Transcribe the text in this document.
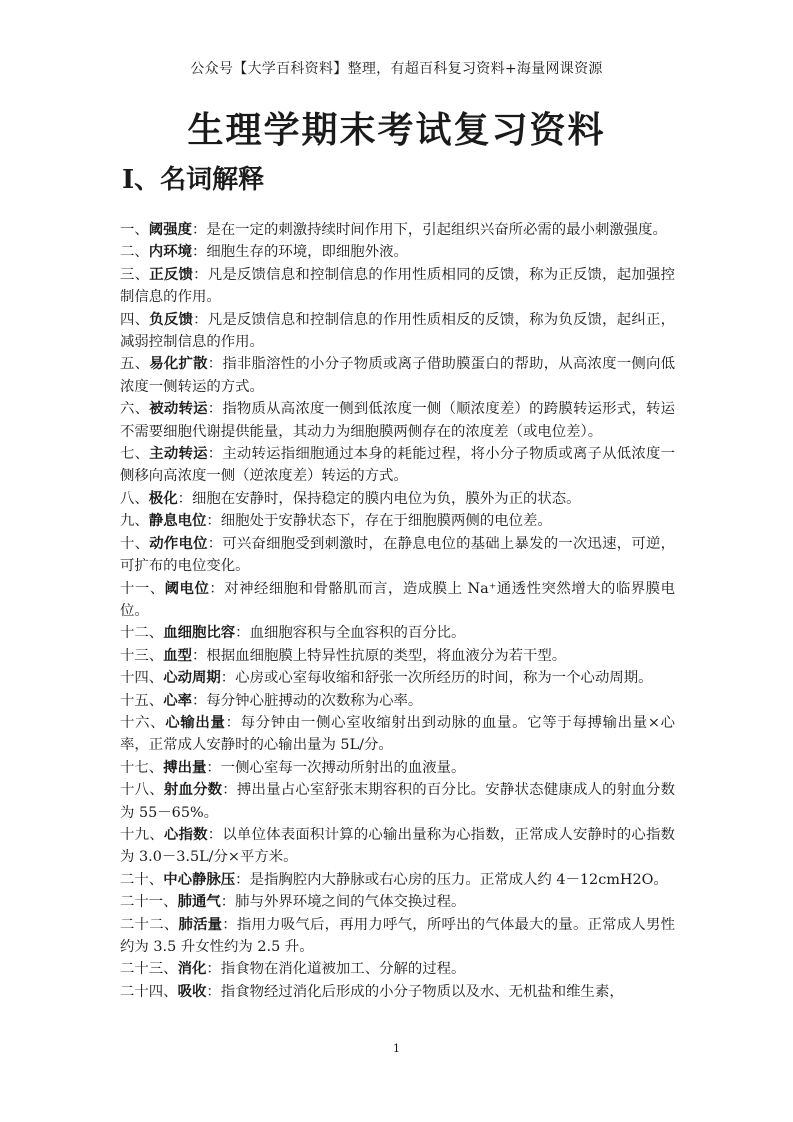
公众号【大学百科资料】整理，有超百科复习资料+海量网课资源
生理学期末考试复习资料
Ⅰ、名词解释
一、阈强度：是在一定的刺激持续时间作用下，引起组织兴奋所必需的最小刺激强度。
二、内环境：细胞生存的环境，即细胞外液。
三、正反馈：凡是反馈信息和控制信息的作用性质相同的反馈，称为正反馈，起加强控制信息的作用。
四、负反馈：凡是反馈信息和控制信息的作用性质相反的反馈，称为负反馈，起纠正，减弱控制信息的作用。
五、易化扩散：指非脂溶性的小分子物质或离子借助膜蛋白的帮助，从高浓度一侧向低浓度一侧转运的方式。
六、被动转运：指物质从高浓度一侧到低浓度一侧（顺浓度差）的跨膜转运形式，转运不需要细胞代谢提供能量，其动力为细胞膜两侧存在的浓度差（或电位差）。
七、主动转运：主动转运指细胞通过本身的耗能过程，将小分子物质或离子从低浓度一侧移向高浓度一侧（逆浓度差）转运的方式。
八、极化：细胞在安静时，保持稳定的膜内电位为负，膜外为正的状态。
九、静息电位：细胞处于安静状态下，存在于细胞膜两侧的电位差。
十、动作电位：可兴奋细胞受到刺激时，在静息电位的基础上暴发的一次迅速，可逆，可扩布的电位变化。
十一、阈电位：对神经细胞和骨骼肌而言，造成膜上 Na⁺通透性突然增大的临界膜电位。
十二、血细胞比容：血细胞容积与全血容积的百分比。
十三、血型：根据血细胞膜上特异性抗原的类型，将血液分为若干型。
十四、心动周期：心房或心室每收缩和舒张一次所经历的时间，称为一个心动周期。
十五、心率：每分钟心脏搏动的次数称为心率。
十六、心输出量：每分钟由一侧心室收缩射出到动脉的血量。它等于每搏输出量×心率，正常成人安静时的心输出量为 5L/分。
十七、搏出量：一侧心室每一次搏动所射出的血液量。
十八、射血分数：搏出量占心室舒张末期容积的百分比。安静状态健康成人的射血分数为 55－65%。
十九、心指数：以单位体表面积计算的心输出量称为心指数，正常成人安静时的心指数为 3.0－3.5L/分×平方米。
二十、中心静脉压：是指胸腔内大静脉或右心房的压力。正常成人约 4－12cmH2O。
二十一、肺通气：肺与外界环境之间的气体交换过程。
二十二、肺活量：指用力吸气后，再用力呼气，所呼出的气体最大的量。正常成人男性约为 3.5 升女性约为 2.5 升。
二十三、消化：指食物在消化道被加工、分解的过程。
二十四、吸收：指食物经过消化后形成的小分子物质以及水、无机盐和维生素，
1
